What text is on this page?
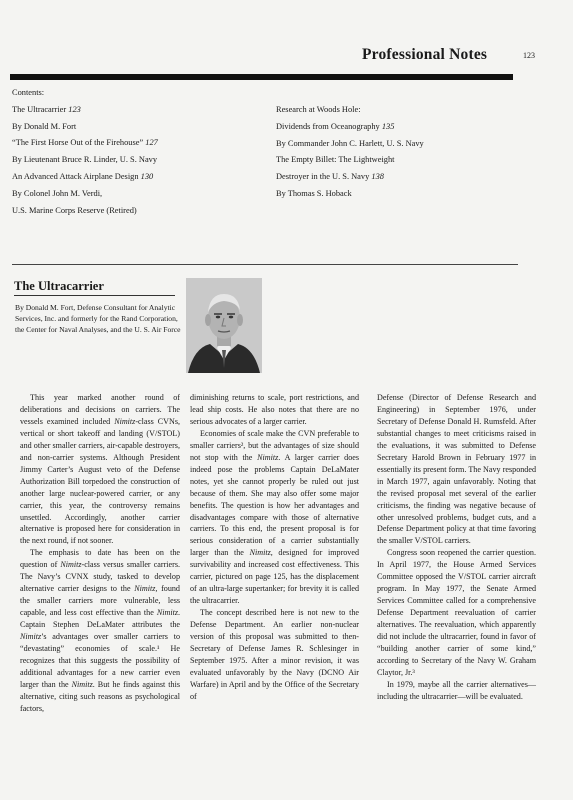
Professional Notes	123
Contents:
The Ultracarrier 123
By Donald M. Fort
“The First Horse Out of the Firehouse” 127
By Lieutenant Bruce R. Linder, U. S. Navy
An Advanced Attack Airplane Design 130
By Colonel John M. Verdi,
U.S. Marine Corps Reserve (Retired)
Research at Woods Hole:
Dividends from Oceanography 135
By Commander John C. Harlett, U. S. Navy
The Empty Billet: The Lightweight
Destroyer in the U. S. Navy 138
By Thomas S. Hoback
The Ultracarrier
By Donald M. Fort, Defense Consultant for Analytic Services, Inc. and formerly for the Rand Corporation, the Center for Naval Analyses, and the U. S. Air Force

This year marked another round of deliberations and decisions on carriers. The vessels examined included Nimitz-class CVNs, vertical or short takeoff and landing (V/STOL) and other smaller carriers, air-capable destroyers, and non-carrier systems. Although President Jimmy Carter’s August veto of the Defense Authorization Bill torpedoed the construction of another large nuclear-powered carrier, or any carrier, this year, the controversy remains unsettled. Accordingly, another carrier alternative is proposed here for consideration in the next round, if not sooner.

The emphasis to date has been on the question of Nimitz-class versus smaller carriers. The Navy’s CVNX study, tasked to develop alternative carrier designs to the Nimitz, found the smaller carriers more vulnerable, less capable, and less cost effective than the Nimitz. Captain Stephen DeLaMater attributes the Nimitz’s advantages over smaller carriers to “devastating” economies of scale.¹ He recognizes that this suggests the possibility of additional advantages for a new carrier even larger than the Nimitz. But he finds against this alternative, citing such reasons as psychological factors,

diminishing returns to scale, port restrictions, and lead ship costs. He also notes that there are no serious advocates of a larger carrier.

Economies of scale make the CVN preferable to smaller carriers², but the advantages of size should not stop with the Nimitz. A larger carrier does indeed pose the problems Captain DeLaMater notes, yet she cannot properly be ruled out just because of them. She may also offer some major benefits. The question is how her advantages and disadvantages compare with those of alternative carriers. To this end, the present proposal is for serious consideration of a carrier substantially larger than the Nimitz, designed for improved survivability and increased cost effectiveness. This carrier, pictured on page 125, has the displacement of an ultra-large supertanker; for brevity it is called the ultracarrier.

The concept described here is not new to the Defense Department. An earlier non-nuclear version of this proposal was submitted to then-Secretary of Defense James R. Schlesinger in September 1975. After a minor revision, it was evaluated unfavorably by the Navy (DCNO Air Warfare) in April and by the Office of the Secretary of

Defense (Director of Defense Research and Engineering) in September 1976, under Secretary of Defense Donald H. Rumsfeld. After substantial changes to meet criticisms raised in the evaluations, it was submitted to Defense Secretary Harold Brown in February 1977 in essentially its present form. The Navy responded in March 1977, again unfavorably. Noting that the revised proposal met several of the earlier criticisms, the finding was negative because of other unresolved problems, budget cuts, and a Defense Department policy at that time favoring the smaller V/STOL carriers.

Congress soon reopened the carrier question. In April 1977, the House Armed Services Committee opposed the V/STOL carrier aircraft program. In May 1977, the Senate Armed Services Committee called for a comprehensive Defense Department reevaluation of carrier alternatives. The reevaluation, which apparently did not include the ultracarrier, found in favor of “building another carrier of some kind,” according to Secretary of the Navy W. Graham Claytor, Jr.³

In 1979, maybe all the carrier alternatives—including the ultracarrier—will be evaluated.
